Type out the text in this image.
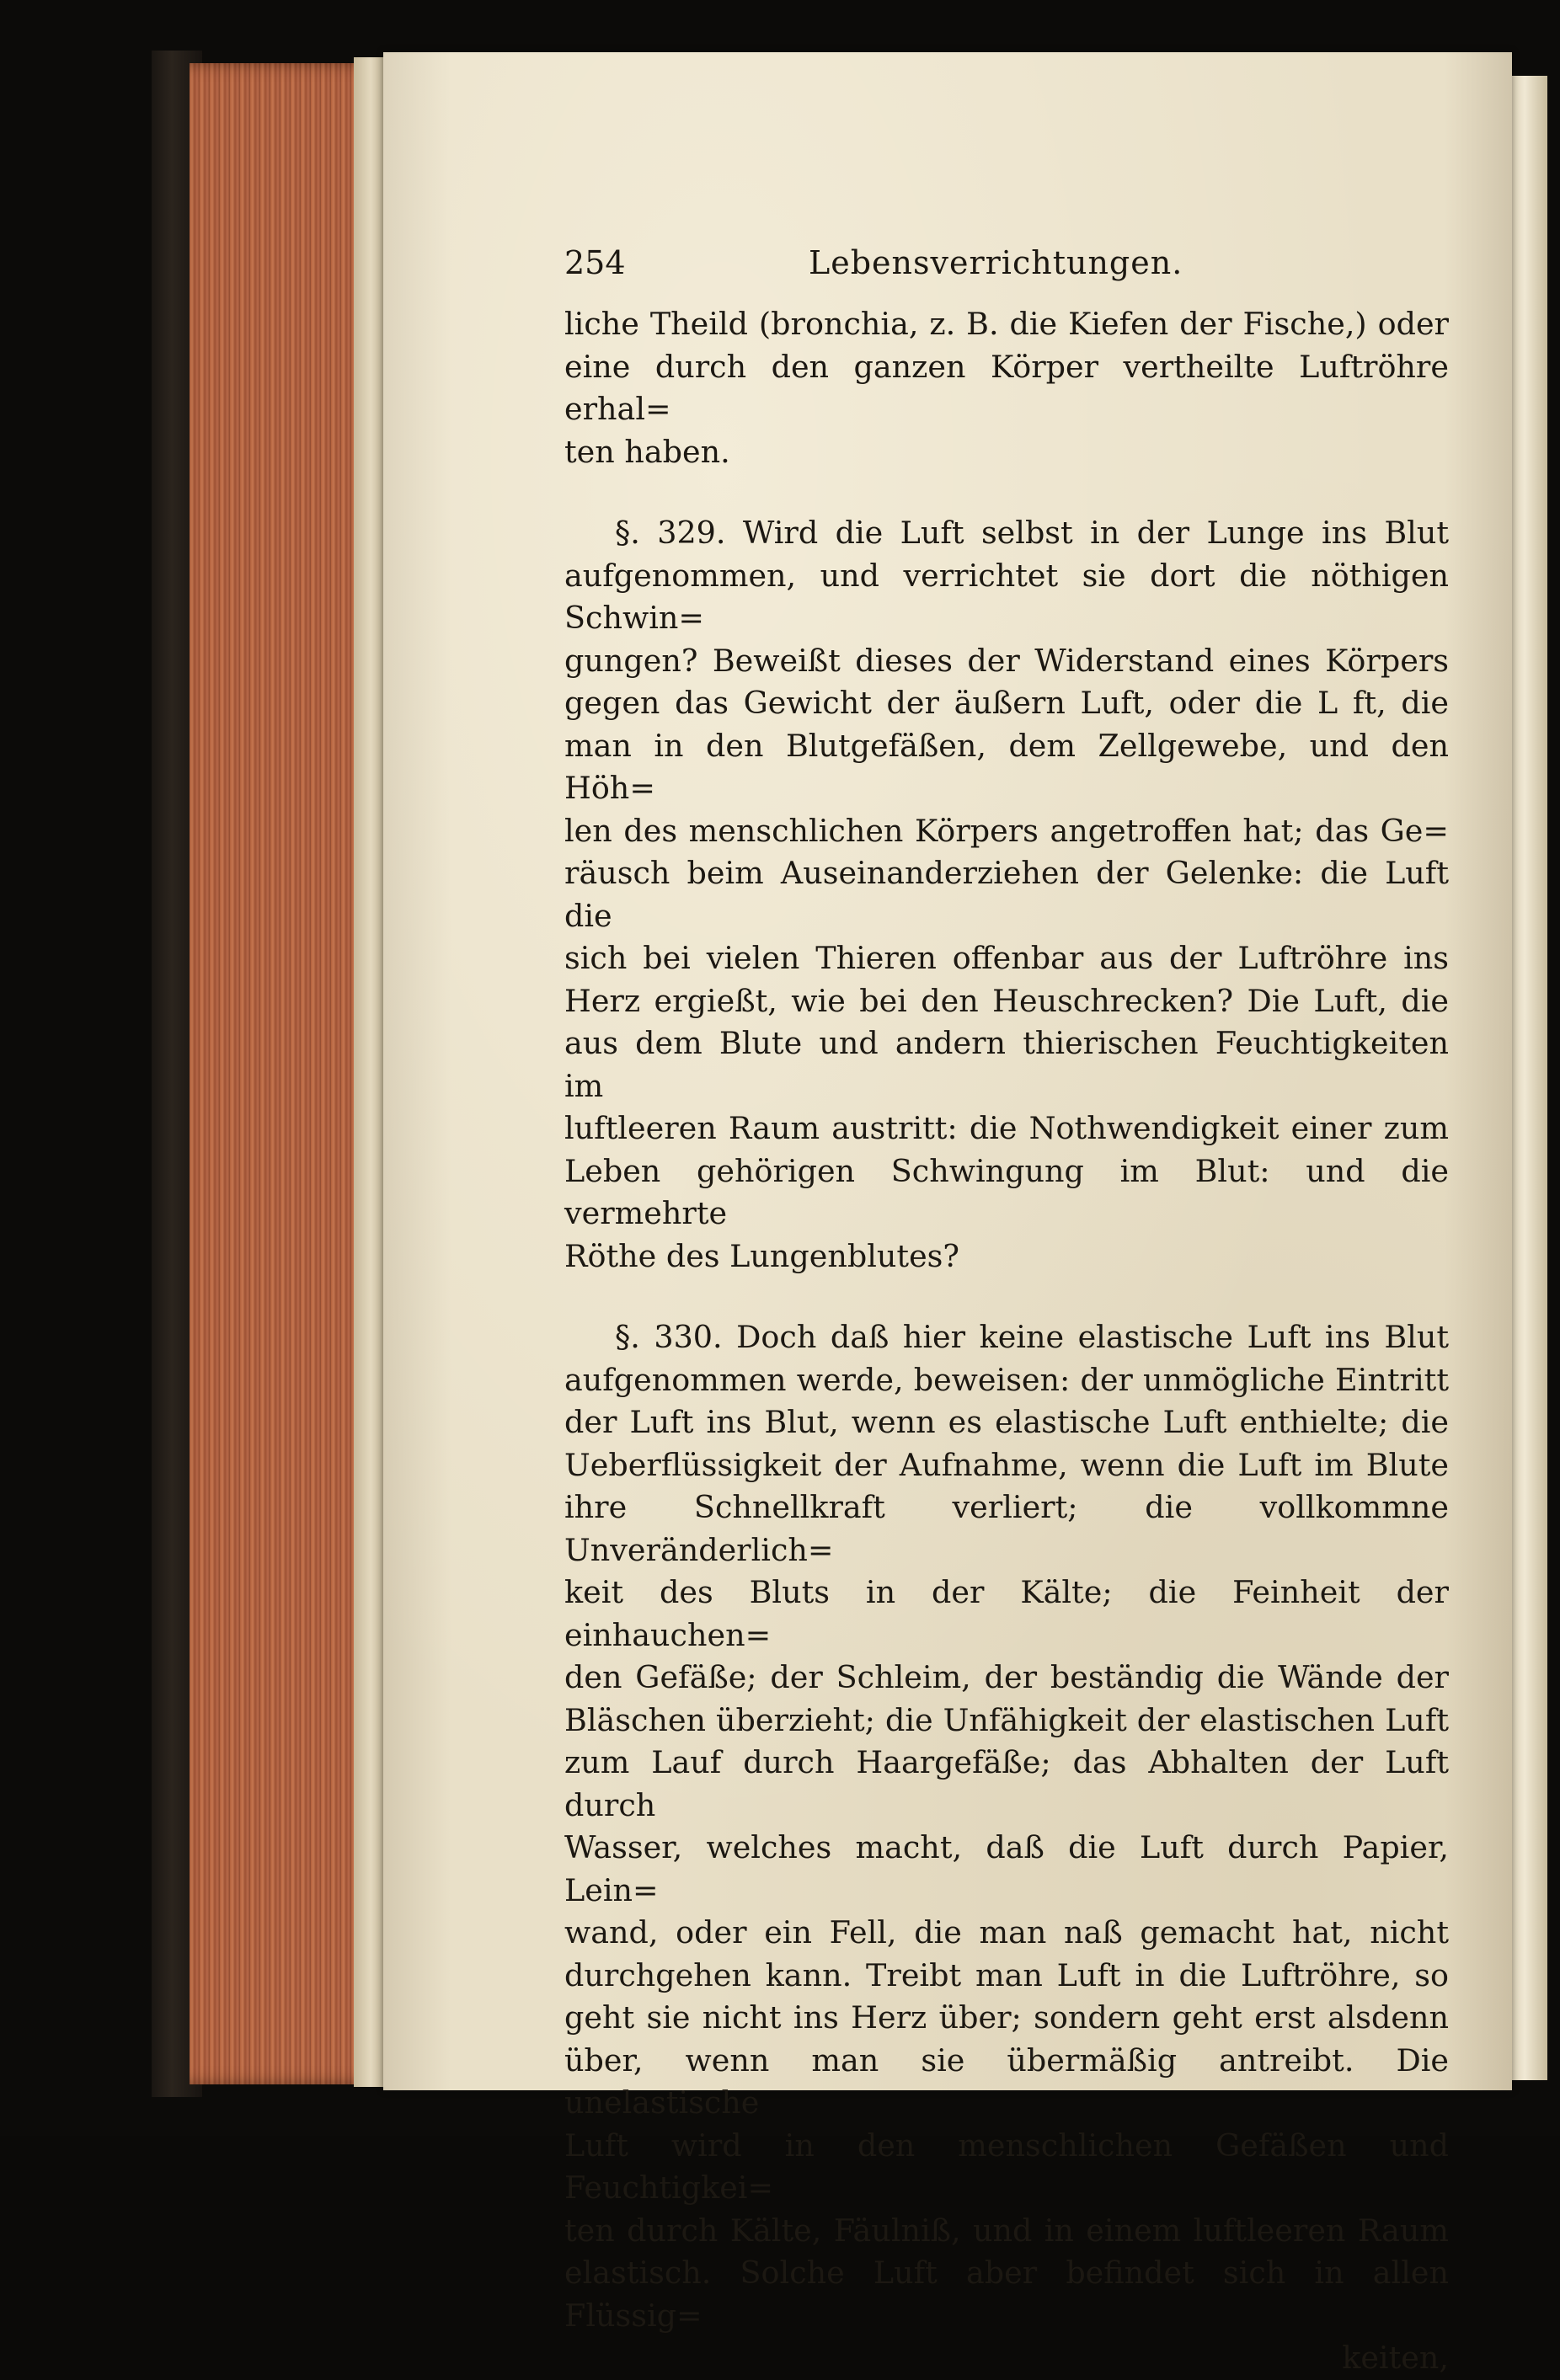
254	Lebensverrichtungen.
liche Theild (bronchia, z. B. die Kiefen der Fische,) oder
eine durch den ganzen Körper vertheilte Luftröhre erhal=
ten haben.
§. 329. Wird die Luft selbst in der Lunge ins Blut
aufgenommen, und verrichtet sie dort die nöthigen Schwin=
gungen? Beweißt dieses der Widerstand eines Körpers
gegen das Gewicht der äußern Luft, oder die L ft, die
man in den Blutgefäßen, dem Zellgewebe, und den Höh=
len des menschlichen Körpers angetroffen hat; das Ge=
räusch beim Auseinanderziehen der Gelenke: die Luft die
sich bei vielen Thieren offenbar aus der Luftröhre ins
Herz ergießt, wie bei den Heuschrecken? Die Luft, die
aus dem Blute und andern thierischen Feuchtigkeiten im
luftleeren Raum austritt: die Nothwendigkeit einer zum
Leben gehörigen Schwingung im Blut: und die vermehrte
Röthe des Lungenblutes?
§. 330. Doch daß hier keine elastische Luft ins Blut
aufgenommen werde, beweisen: der unmögliche Eintritt
der Luft ins Blut, wenn es elastische Luft enthielte; die
Ueberflüssigkeit der Aufnahme, wenn die Luft im Blute
ihre Schnellkraft verliert; die vollkommne Unveränderlich=
keit des Bluts in der Kälte; die Feinheit der einhauchen=
den Gefäße; der Schleim, der beständig die Wände der
Bläschen überzieht; die Unfähigkeit der elastischen Luft
zum Lauf durch Haargefäße; das Abhalten der Luft durch
Wasser, welches macht, daß die Luft durch Papier, Lein=
wand, oder ein Fell, die man naß gemacht hat, nicht
durchgehen kann. Treibt man Luft in die Luftröhre, so
geht sie nicht ins Herz über; sondern geht erst alsdenn
über, wenn man sie übermäßig antreibt. Die unelastische
Luft wird in den menschlichen Gefäßen und Feuchtigkei=
ten durch Kälte, Fäulniß, und in einem luftleeren Raum
elastisch. Solche Luft aber befindet sich in allen Flüssig=
keiten,
